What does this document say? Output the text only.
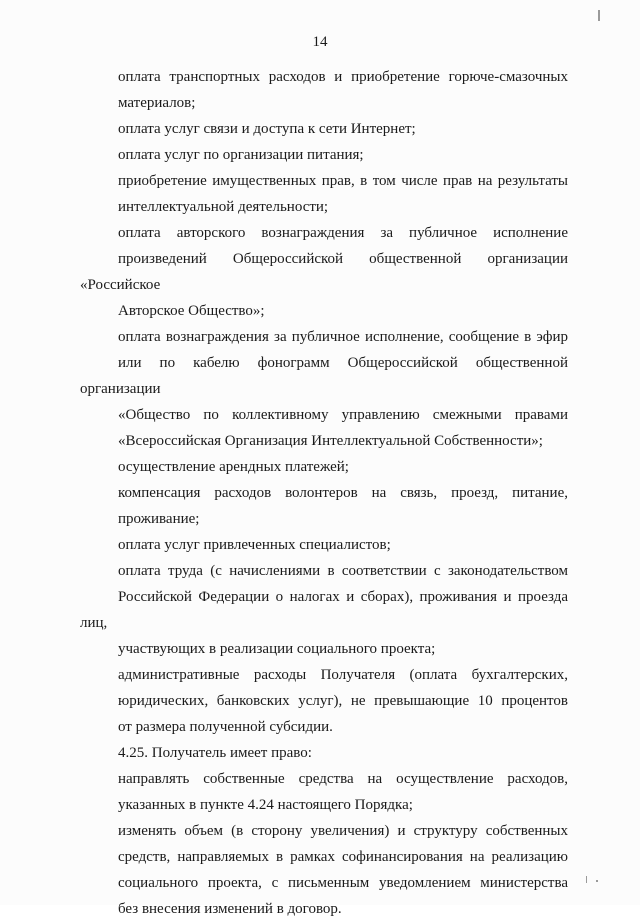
14
оплата транспортных расходов и приобретение горюче-смазочных
материалов;
оплата услуг связи и доступа к сети Интернет;
оплата услуг по организации питания;
приобретение имущественных прав, в том числе прав на результаты
интеллектуальной деятельности;
оплата авторского вознаграждения за публичное исполнение
произведений Общероссийской общественной организации «Российское
Авторское Общество»;
оплата вознаграждения за публичное исполнение, сообщение в эфир
или по кабелю фонограмм Общероссийской общественной организации
«Общество по коллективному управлению смежными правами
«Всероссийская Организация Интеллектуальной Собственности»;
осуществление арендных платежей;
компенсация расходов волонтеров на связь, проезд, питание,
проживание;
оплата услуг привлеченных специалистов;
оплата труда (с начислениями в соответствии с законодательством
Российской Федерации о налогах и сборах), проживания и проезда лиц,
участвующих в реализации социального проекта;
административные расходы Получателя (оплата бухгалтерских,
юридических, банковских услуг), не превышающие 10 процентов
от размера полученной субсидии.
4.25. Получатель имеет право:
направлять собственные средства на осуществление расходов,
указанных в пункте 4.24 настоящего Порядка;
изменять объем (в сторону увеличения) и структуру собственных
средств, направляемых в рамках софинансирования на реализацию
социального проекта, с письменным уведомлением министерства
без внесения изменений в договор.
